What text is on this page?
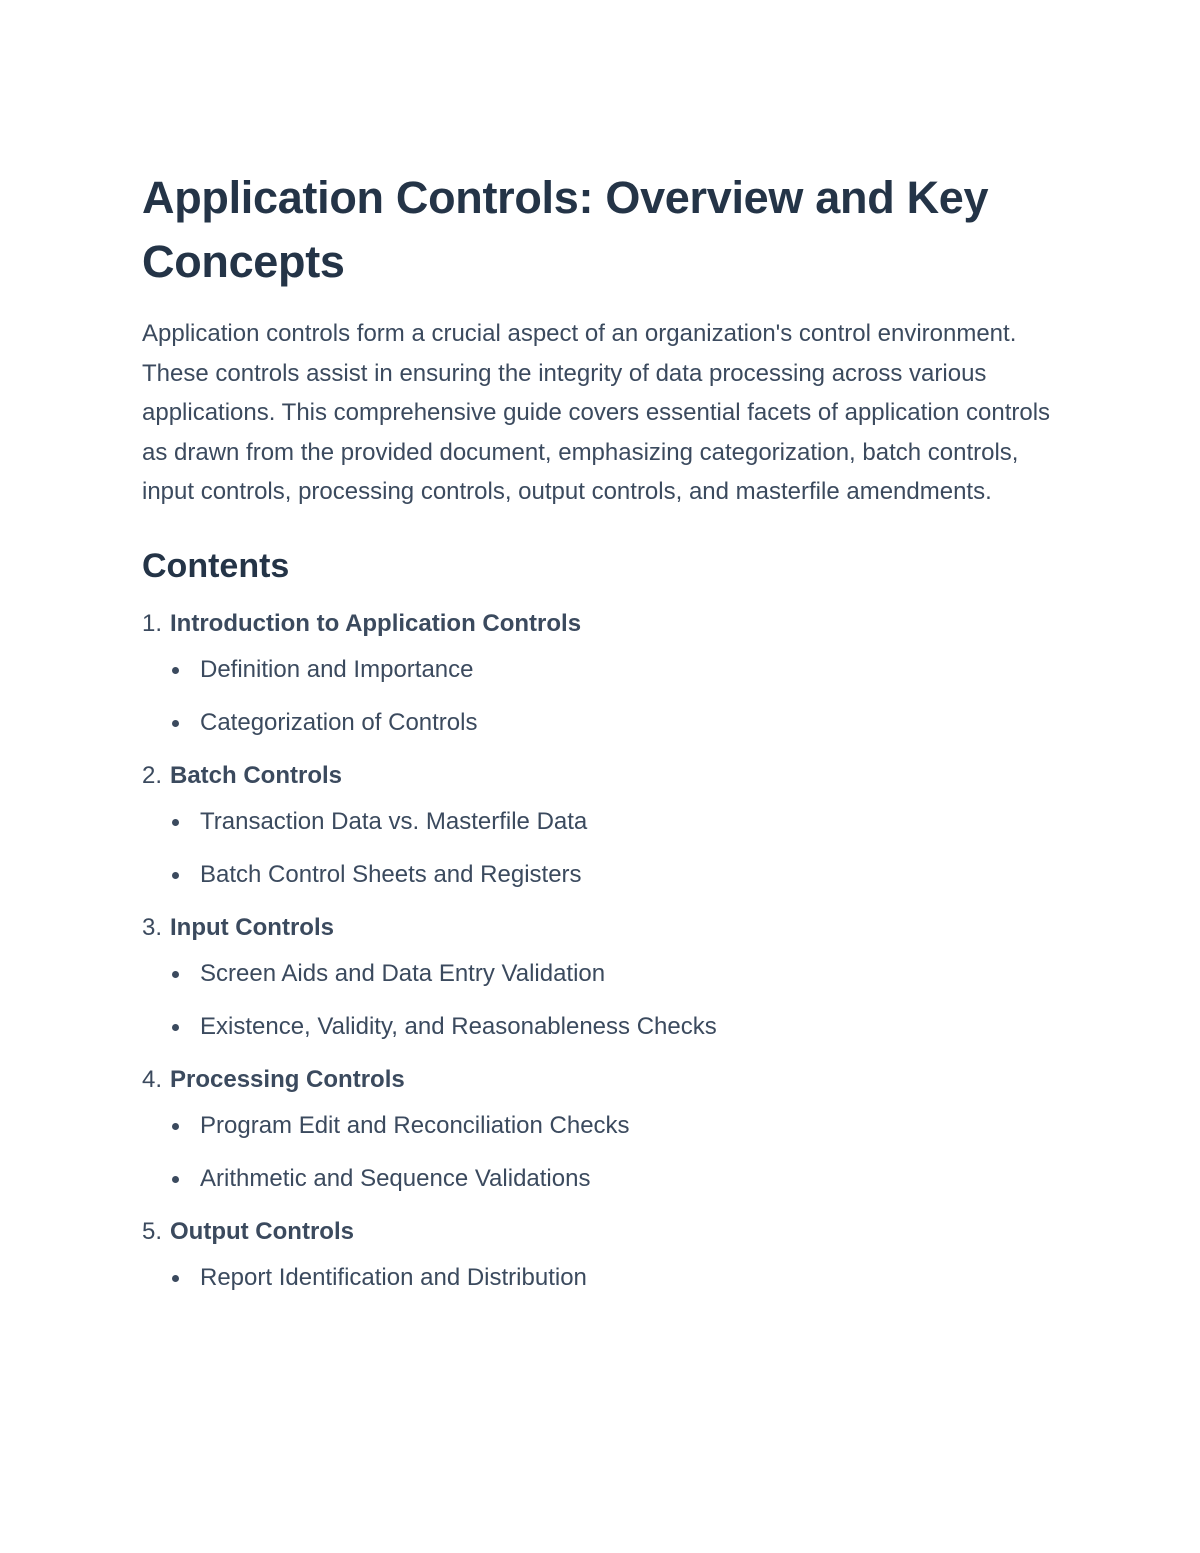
Application Controls: Overview and Key Concepts

Application controls form a crucial aspect of an organization's control environment. These controls assist in ensuring the integrity of data processing across various applications. This comprehensive guide covers essential facets of application controls as drawn from the provided document, emphasizing categorization, batch controls, input controls, processing controls, output controls, and masterfile amendments.

Contents
1. Introduction to Application Controls
Definition and Importance
Categorization of Controls
2. Batch Controls
Transaction Data vs. Masterfile Data
Batch Control Sheets and Registers
3. Input Controls
Screen Aids and Data Entry Validation
Existence, Validity, and Reasonableness Checks
4. Processing Controls
Program Edit and Reconciliation Checks
Arithmetic and Sequence Validations
5. Output Controls
Report Identification and Distribution
